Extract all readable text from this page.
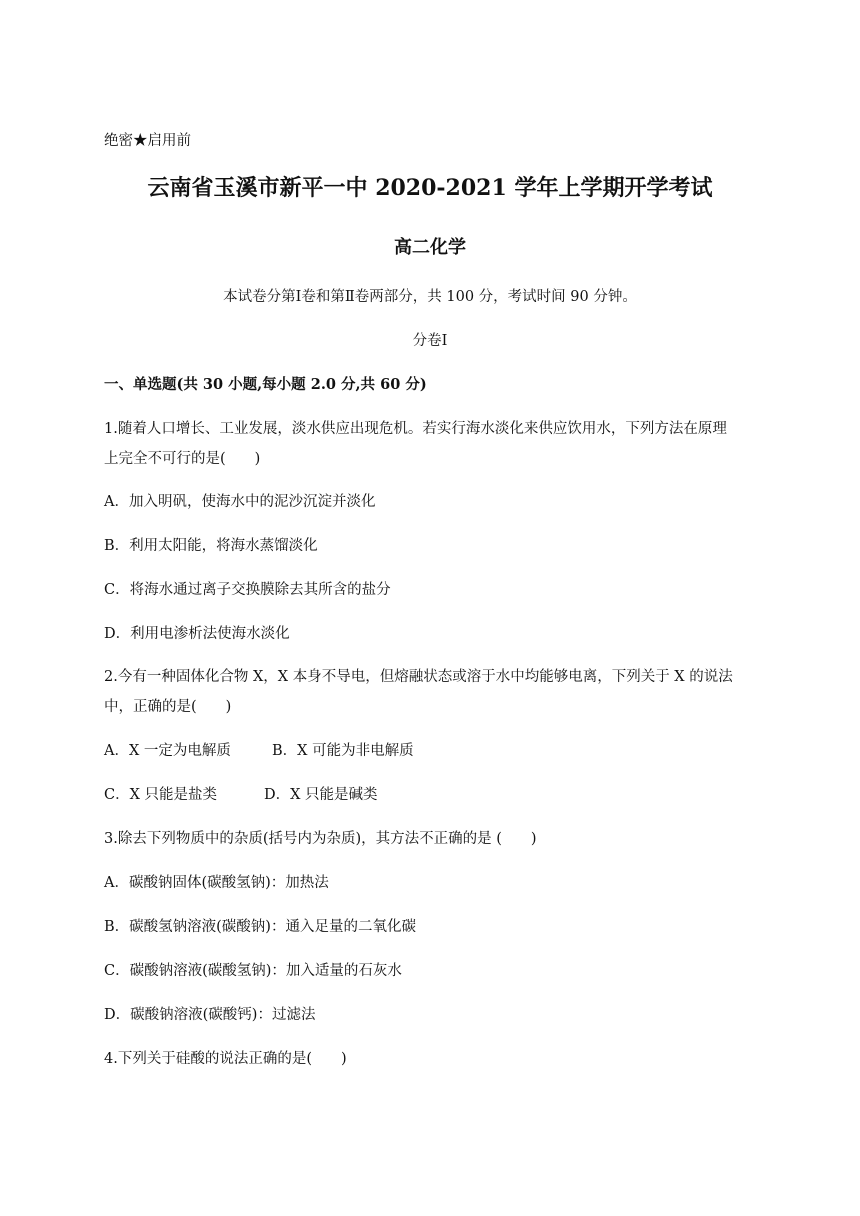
绝密★启用前
云南省玉溪市新平一中 2020-2021 学年上学期开学考试
高二化学
本试卷分第Ⅰ卷和第Ⅱ卷两部分，共 100 分，考试时间 90 分钟。
分卷I
一、单选题(共 30 小题,每小题 2.0 分,共 60 分)
1.随着人口增长、工业发展，淡水供应出现危机。若实行海水淡化来供应饮用水，下列方法在原理
上完全不可行的是(　　)
A．加入明矾，使海水中的泥沙沉淀并淡化
B．利用太阳能，将海水蒸馏淡化
C．将海水通过离子交换膜除去其所含的盐分
D．利用电渗析法使海水淡化
2.今有一种固体化合物 X，X 本身不导电，但熔融状态或溶于水中均能够电离，下列关于 X 的说法
中，正确的是(　　)
A．X 一定为电解质	B．X 可能为非电解质
C．X 只能是盐类	D．X 只能是碱类
3.除去下列物质中的杂质(括号内为杂质)，其方法不正确的是 (　　)
A．碳酸钠固体(碳酸氢钠)：加热法
B．碳酸氢钠溶液(碳酸钠)：通入足量的二氧化碳
C．碳酸钠溶液(碳酸氢钠)：加入适量的石灰水
D．碳酸钠溶液(碳酸钙)：过滤法
4.下列关于硅酸的说法正确的是(　　)
